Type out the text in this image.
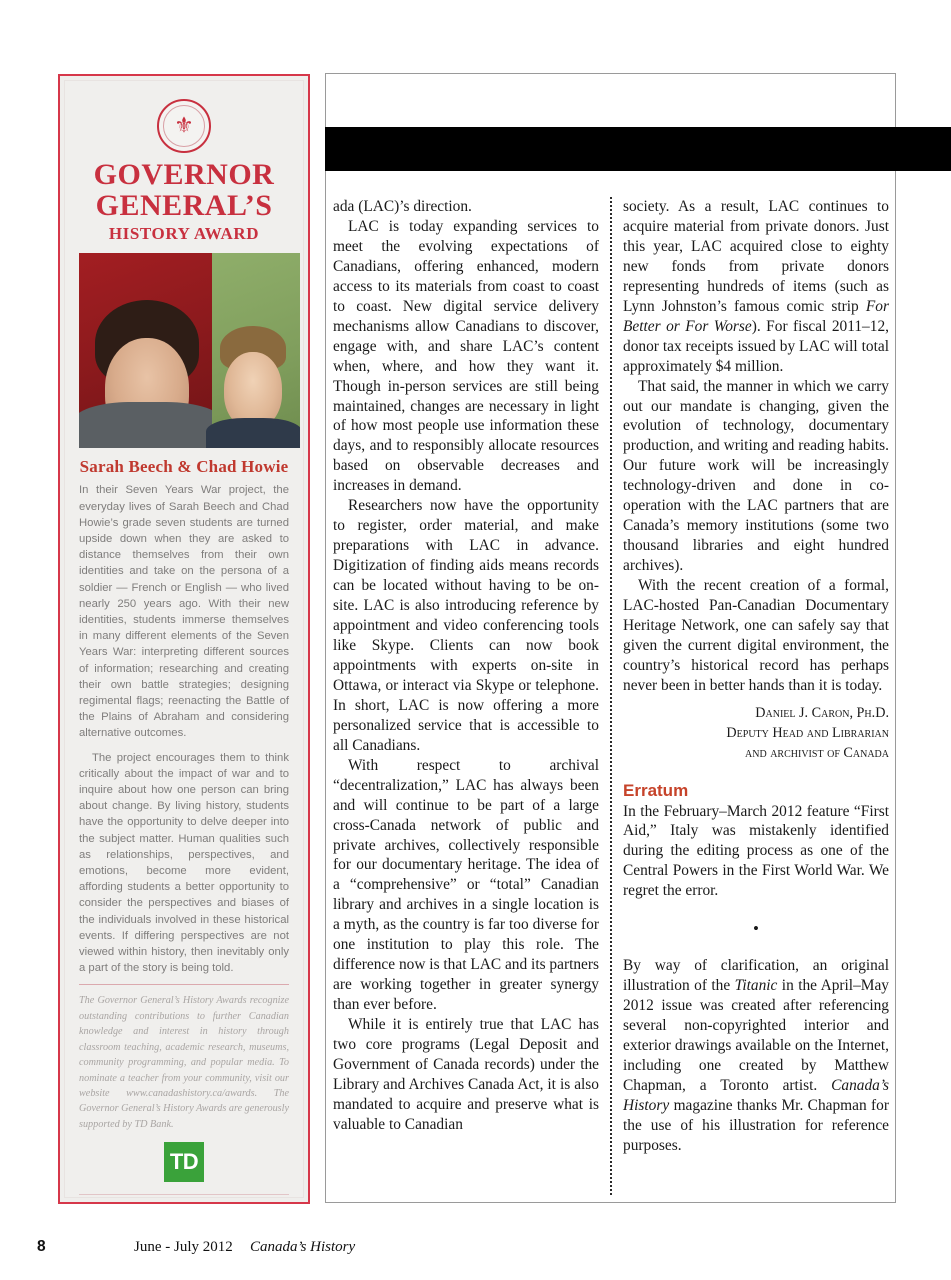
⚜
GOVERNOR
GENERAL’S
HISTORY AWARD
Sarah Beech & Chad Howie

In their Seven Years War project, the everyday lives of Sarah Beech and Chad Howie’s grade seven students are turned upside down when they are asked to distance themselves from their own identities and take on the persona of a soldier — French or English — who lived nearly 250 years ago. With their new identities, students immerse themselves in many different elements of the Seven Years War: interpreting different sources of information; researching and creating their own battle strategies; designing regimental flags; reenacting the Battle of the Plains of Abraham and considering alternative outcomes.

The project encourages them to think critically about the impact of war and to inquire about how one person can bring about change. By living history, students have the opportunity to delve deeper into the subject matter. Human qualities such as relationships, perspectives, and emotions, become more evident, affording students a better opportunity to consider the perspectives and biases of the individuals involved in these historical events. If differing perspectives are not viewed within history, then inevitably only a part of the story is being told.

The Governor General’s History Awards recognize outstanding contributions to further Canadian knowledge and interest in history through classroom teaching, academic research, museums, community programming, and popular media. To nominate a teacher from your community, visit our website www.canadashistory.ca/awards. The Governor General’s History Awards are generously supported by TD Bank.

TD

ada (LAC)’s direction.

LAC is today expanding services to meet the evolving expectations of Canadians, offering enhanced, modern access to its materials from coast to coast to coast. New digital service delivery mechanisms allow Canadians to discover, engage with, and share LAC’s content when, where, and how they want it. Though in-person services are still being maintained, changes are necessary in light of how most people use information these days, and to responsibly allocate resources based on observable decreases and increases in demand.

Researchers now have the opportunity to register, order material, and make preparations with LAC in advance. Digitization of finding aids means records can be located without having to be on-site. LAC is also introducing reference by appointment and video conferencing tools like Skype. Clients can now book appointments with experts on-site in Ottawa, or interact via Skype or telephone. In short, LAC is now offering a more personalized service that is accessible to all Canadians.

With respect to archival “decentralization,” LAC has always been and will continue to be part of a large cross-Canada network of public and private archives, collectively responsible for our documentary heritage. The idea of a “comprehensive” or “total” Canadian library and archives in a single location is a myth, as the country is far too diverse for one institution to play this role. The difference now is that LAC and its partners are working together in greater synergy than ever before.

While it is entirely true that LAC has two core programs (Legal Deposit and Government of Canada records) under the Library and Archives Canada Act, it is also mandated to acquire and preserve what is valuable to Canadian

society. As a result, LAC continues to acquire material from private donors. Just this year, LAC acquired close to eighty new fonds from private donors representing hundreds of items (such as Lynn Johnston’s famous comic strip For Better or For Worse). For fiscal 2011–12, donor tax receipts issued by LAC will total approximately $4 million.

That said, the manner in which we carry out our mandate is changing, given the evolution of technology, documentary production, and writing and reading habits. Our future work will be increasingly technology-driven and done in co-operation with the LAC partners that are Canada’s memory institutions (some two thousand libraries and eight hundred archives).

With the recent creation of a formal, LAC-hosted Pan-Canadian Documentary Heritage Network, one can safely say that given the current digital environment, the country’s historical record has perhaps never been in better hands than it is today.

Daniel J. Caron, Ph.D.
Deputy Head and Librarian
and archivist of Canada
Erratum

In the February–March 2012 feature “First Aid,” Italy was mistakenly identified during the editing process as one of the Central Powers in the First World War. We regret the error.

•

By way of clarification, an original illustration of the Titanic in the April–May 2012 issue was created after referencing several non-copyrighted interior and exterior drawings available on the Internet, including one created by Matthew Chapman, a Toronto artist. Canada’s History magazine thanks Mr. Chapman for the use of his illustration for reference purposes.

8	June - July 2012 Canada’s History
